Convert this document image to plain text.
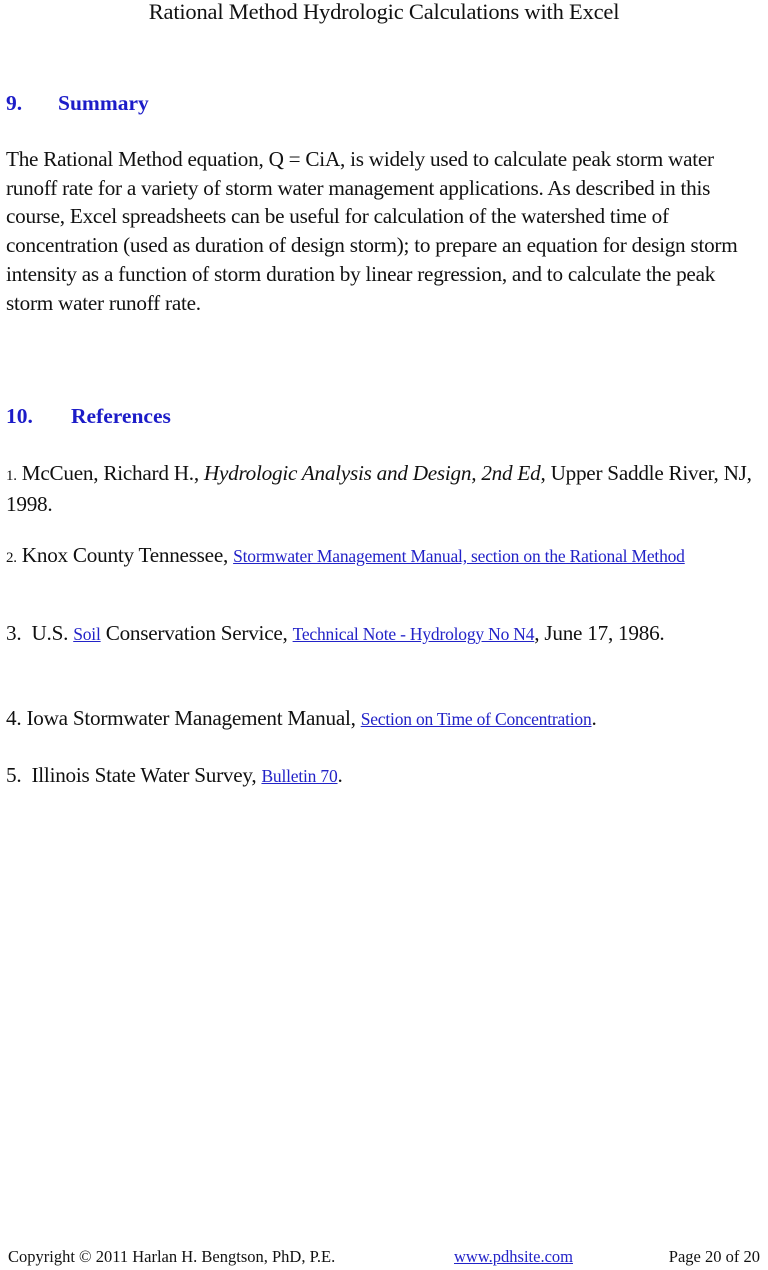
Rational Method Hydrologic Calculations with Excel
9. Summary
The Rational Method equation, Q = CiA, is widely used to calculate peak storm water runoff rate for a variety of storm water management applications. As described in this course, Excel spreadsheets can be useful for calculation of the watershed time of concentration (used as duration of design storm); to prepare an equation for design storm intensity as a function of storm duration by linear regression, and to calculate the peak storm water runoff rate.
10. References
1. McCuen, Richard H., Hydrologic Analysis and Design, 2nd Ed, Upper Saddle River, NJ, 1998.
2. Knox County Tennessee, Stormwater Management Manual, section on the Rational Method
3. U.S. Soil Conservation Service, Technical Note - Hydrology No N4, June 17, 1986.
4. Iowa Stormwater Management Manual, Section on Time of Concentration.
5. Illinois State Water Survey, Bulletin 70.
Copyright © 2011 Harlan H. Bengtson, PhD, P.E.	www.pdhsite.com	Page 20 of 20
